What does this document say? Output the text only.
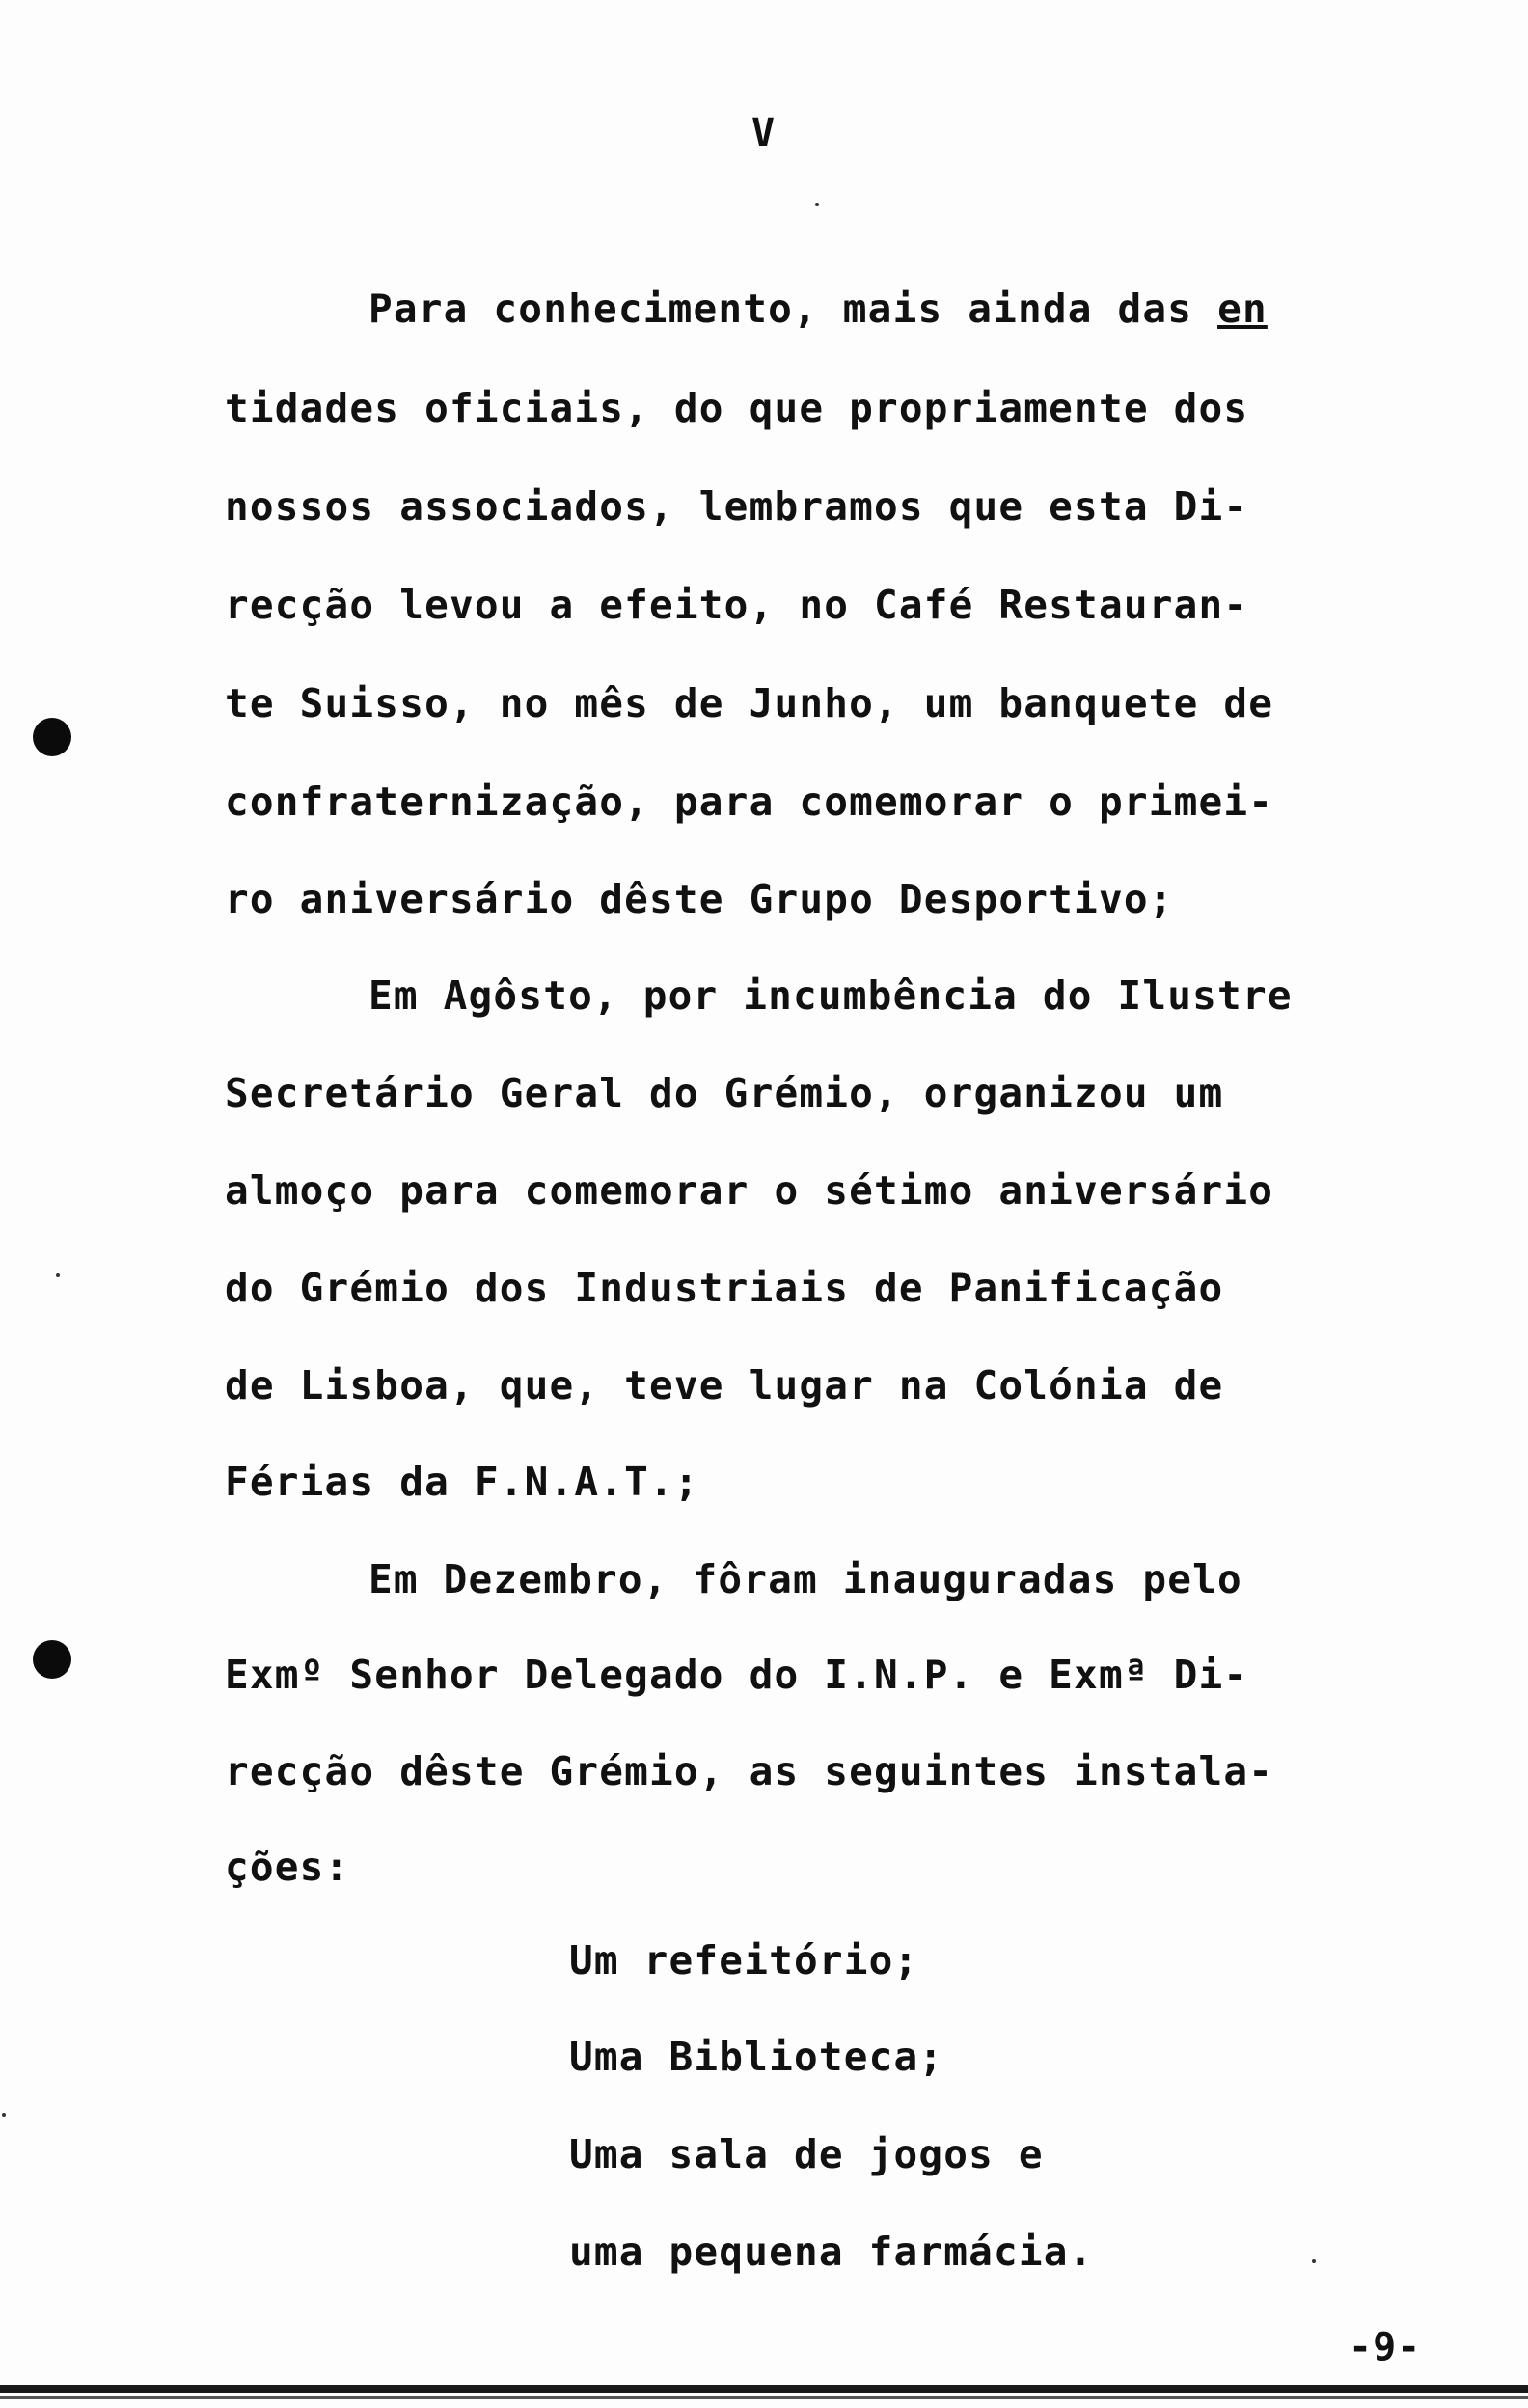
V
Para conhecimento, mais ainda das en
tidades oficiais, do que propriamente dos
nossos associados, lembramos que esta Di-
recção levou a efeito, no Café Restauran-
te Suisso, no mês de Junho, um banquete de
confraternização, para comemorar o primei-
ro aniversário dêste Grupo Desportivo;
Em Agôsto, por incumbência do Ilustre
Secretário Geral do Grémio, organizou um
almoço para comemorar o sétimo aniversário
do Grémio dos Industriais de Panificação
de Lisboa, que, teve lugar na Colónia de
Férias da F.N.A.T.;
Em Dezembro, fôram inauguradas pelo
Exmº Senhor Delegado do I.N.P. e Exmª Di-
recção dêste Grémio, as seguintes instala-
ções:
Um refeitório;
Uma Biblioteca;
Uma sala de jogos e
uma pequena farmácia.
-9-
